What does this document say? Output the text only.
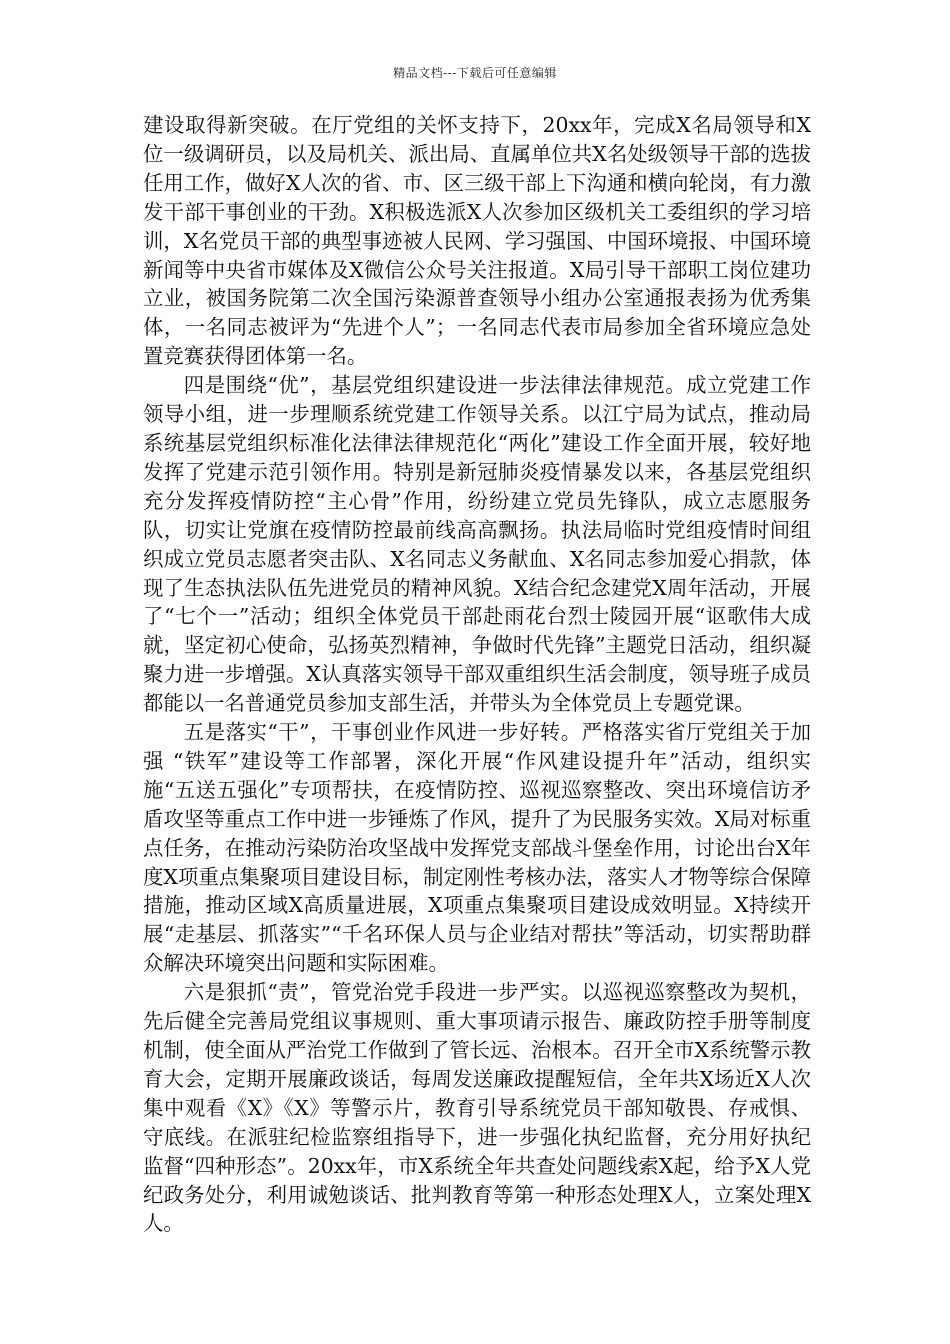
精品文档---下载后可任意编辑

建设取得新突破。在厅党组的关怀支持下，20xx年，完成X名局领导和X位一级调研员，以及局机关、派出局、直属单位共X名处级领导干部的选拔任用工作，做好X人次的省、市、区三级干部上下沟通和横向轮岗，有力激发干部干事创业的干劲。X积极选派X人次参加区级机关工委组织的学习培训，X名党员干部的典型事迹被人民网、学习强国、中国环境报、中国环境新闻等中央省市媒体及X微信公众号关注报道。X局引导干部职工岗位建功立业，被国务院第二次全国污染源普查领导小组办公室通报表扬为优秀集体，一名同志被评为“先进个人”；一名同志代表市局参加全省环境应急处置竞赛获得团体第一名。

四是围绕“优”，基层党组织建设进一步法律法律规范。成立党建工作领导小组，进一步理顺系统党建工作领导关系。以江宁局为试点，推动局系统基层党组织标准化法律法律规范化“两化”建设工作全面开展，较好地发挥了党建示范引领作用。特别是新冠肺炎疫情暴发以来，各基层党组织充分发挥疫情防控“主心骨”作用，纷纷建立党员先锋队，成立志愿服务队，切实让党旗在疫情防控最前线高高飘扬。执法局临时党组疫情时间组织成立党员志愿者突击队、X名同志义务献血、X名同志参加爱心捐款，体现了生态执法队伍先进党员的精神风貌。X结合纪念建党X周年活动，开展了“七个一”活动；组织全体党员干部赴雨花台烈士陵园开展“讴歌伟大成就，坚定初心使命，弘扬英烈精神，争做时代先锋”主题党日活动，组织凝聚力进一步增强。X认真落实领导干部双重组织生活会制度，领导班子成员都能以一名普通党员参加支部生活，并带头为全体党员上专题党课。

五是落实“干”，干事创业作风进一步好转。严格落实省厅党组关于加强 “铁军”建设等工作部署，深化开展“作风建设提升年”活动，组织实施“五送五强化”专项帮扶，在疫情防控、巡视巡察整改、突出环境信访矛盾攻坚等重点工作中进一步锤炼了作风，提升了为民服务实效。X局对标重点任务，在推动污染防治攻坚战中发挥党支部战斗堡垒作用，讨论出台X年度X项重点集聚项目建设目标，制定刚性考核办法，落实人才物等综合保障措施，推动区域X高质量进展，X项重点集聚项目建设成效明显。X持续开展“走基层、抓落实”“千名环保人员与企业结对帮扶”等活动，切实帮助群众解决环境突出问题和实际困难。

六是狠抓“责”，管党治党手段进一步严实。以巡视巡察整改为契机，先后健全完善局党组议事规则、重大事项请示报告、廉政防控手册等制度机制，使全面从严治党工作做到了管长远、治根本。召开全市X系统警示教育大会，定期开展廉政谈话，每周发送廉政提醒短信，全年共X场近X人次集中观看《X》《X》等警示片，教育引导系统党员干部知敬畏、存戒惧、守底线。在派驻纪检监察组指导下，进一步强化执纪监督，充分用好执纪监督“四种形态”。20xx年，市X系统全年共查处问题线索X起，给予X人党纪政务处分，利用诚勉谈话、批判教育等第一种形态处理X人，立案处理X人。
